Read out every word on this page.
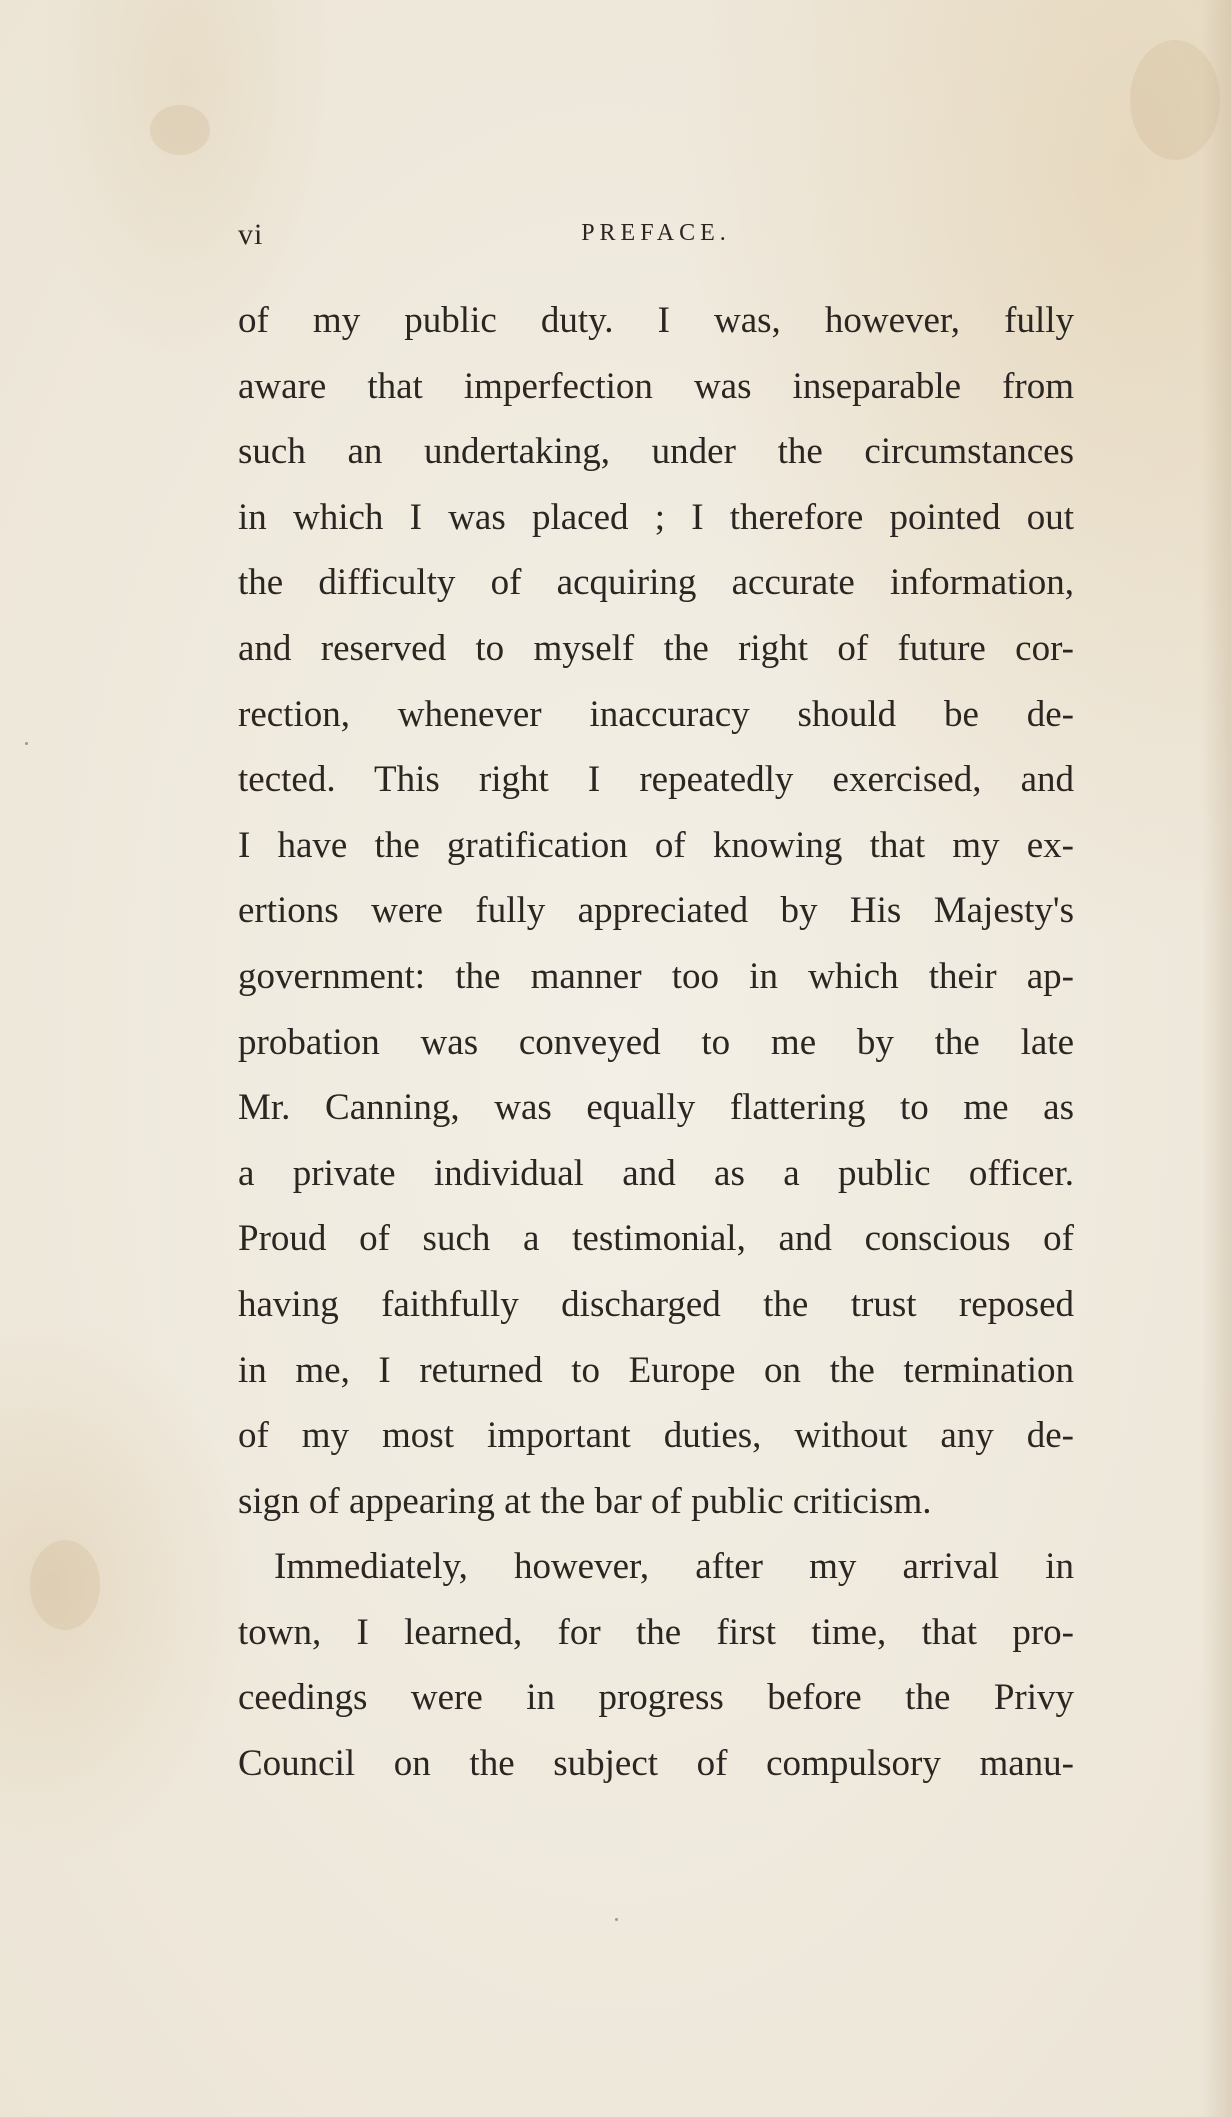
vi	PREFACE.
of my public duty. I was, however, fully
aware that imperfection was inseparable from
such an undertaking, under the circumstances
in which I was placed ; I therefore pointed out
the difficulty of acquiring accurate information,
and reserved to myself the right of future cor-
rection, whenever inaccuracy should be de-
tected. This right I repeatedly exercised, and
I have the gratification of knowing that my ex-
ertions were fully appreciated by His Majesty's
government: the manner too in which their ap-
probation was conveyed to me by the late
Mr. Canning, was equally flattering to me as
a private individual and as a public officer.
Proud of such a testimonial, and conscious of
having faithfully discharged the trust reposed
in me, I returned to Europe on the termination
of my most important duties, without any de-
sign of appearing at the bar of public criticism.
Immediately, however, after my arrival in
town, I learned, for the first time, that pro-
ceedings were in progress before the Privy
Council on the subject of compulsory manu-
